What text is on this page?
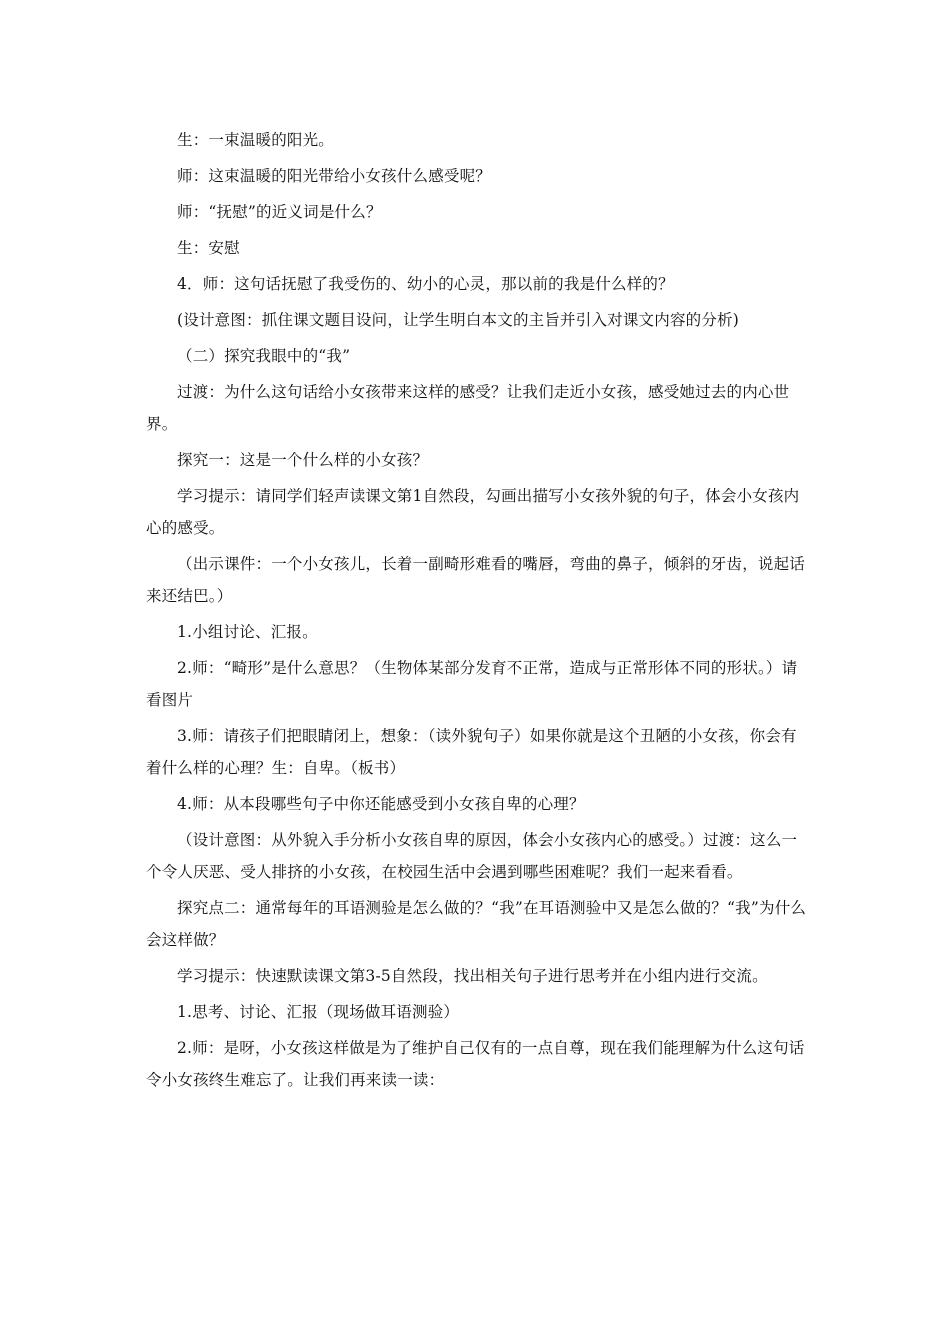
生：一束温暖的阳光。

师：这束温暖的阳光带给小女孩什么感受呢？

师：“抚慰”的近义词是什么？

生：安慰

4．师：这句话抚慰了我受伤的、幼小的心灵，那以前的我是什么样的？

(设计意图：抓住课文题目设问，让学生明白本文的主旨并引入对课文内容的分析)

（二）探究我眼中的“我”

过渡：为什么这句话给小女孩带来这样的感受？让我们走近小女孩，感受她过去的内心世界。

探究一：这是一个什么样的小女孩？

学习提示：请同学们轻声读课文第1自然段，勾画出描写小女孩外貌的句子，体会小女孩内心的感受。

（出示课件：一个小女孩儿，长着一副畸形难看的嘴唇，弯曲的鼻子，倾斜的牙齿，说起话来还结巴。）

1.小组讨论、汇报。

2.师：“畸形”是什么意思？（生物体某部分发育不正常，造成与正常形体不同的形状。）请看图片

3.师：请孩子们把眼睛闭上，想象：（读外貌句子）如果你就是这个丑陋的小女孩，你会有着什么样的心理？生：自卑。（板书）

4.师：从本段哪些句子中你还能感受到小女孩自卑的心理？

（设计意图：从外貌入手分析小女孩自卑的原因，体会小女孩内心的感受。）过渡：这么一个令人厌恶、受人排挤的小女孩，在校园生活中会遇到哪些困难呢？我们一起来看看。

探究点二：通常每年的耳语测验是怎么做的？“我”在耳语测验中又是怎么做的？“我”为什么会这样做？

学习提示：快速默读课文第3-5自然段，找出相关句子进行思考并在小组内进行交流。

1.思考、讨论、汇报（现场做耳语测验）

2.师：是呀，小女孩这样做是为了维护自己仅有的一点自尊，现在我们能理解为什么这句话令小女孩终生难忘了。让我们再来读一读：
